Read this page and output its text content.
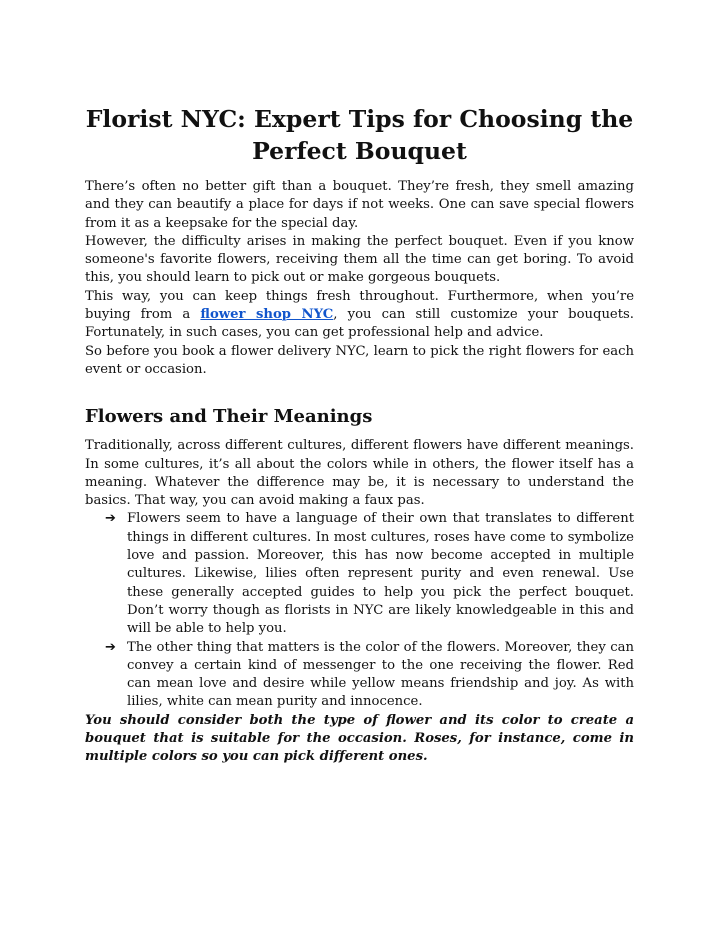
Florist NYC: Expert Tips for Choosing the Perfect Bouquet

There’s often no better gift than a bouquet. They’re fresh, they smell amazing and they can beautify a place for days if not weeks. One can save special flowers from it as a keepsake for the special day.

However, the difficulty arises in making the perfect bouquet. Even if you know someone's favorite flowers, receiving them all the time can get boring. To avoid this, you should learn to pick out or make gorgeous bouquets.

This way, you can keep things fresh throughout. Furthermore, when you’re buying from a flower shop NYC, you can still customize your bouquets. Fortunately, in such cases, you can get professional help and advice.

So before you book a flower delivery NYC, learn to pick the right flowers for each event or occasion.

Flowers and Their Meanings

Traditionally, across different cultures, different flowers have different meanings. In some cultures, it’s all about the colors while in others, the flower itself has a meaning. Whatever the difference may be, it is necessary to understand the basics. That way, you can avoid making a faux pas.

➔ Flowers seem to have a language of their own that translates to different things in different cultures. In most cultures, roses have come to symbolize love and passion. Moreover, this has now become accepted in multiple cultures. Likewise, lilies often represent purity and even renewal. Use these generally accepted guides to help you pick the perfect bouquet. Don’t worry though as florists in NYC are likely knowledgeable in this and will be able to help you.
➔ The other thing that matters is the color of the flowers. Moreover, they can convey a certain kind of messenger to the one receiving the flower. Red can mean love and desire while yellow means friendship and joy. As with lilies, white can mean purity and innocence.

You should consider both the type of flower and its color to create a bouquet that is suitable for the occasion. Roses, for instance, come in multiple colors so you can pick different ones.
